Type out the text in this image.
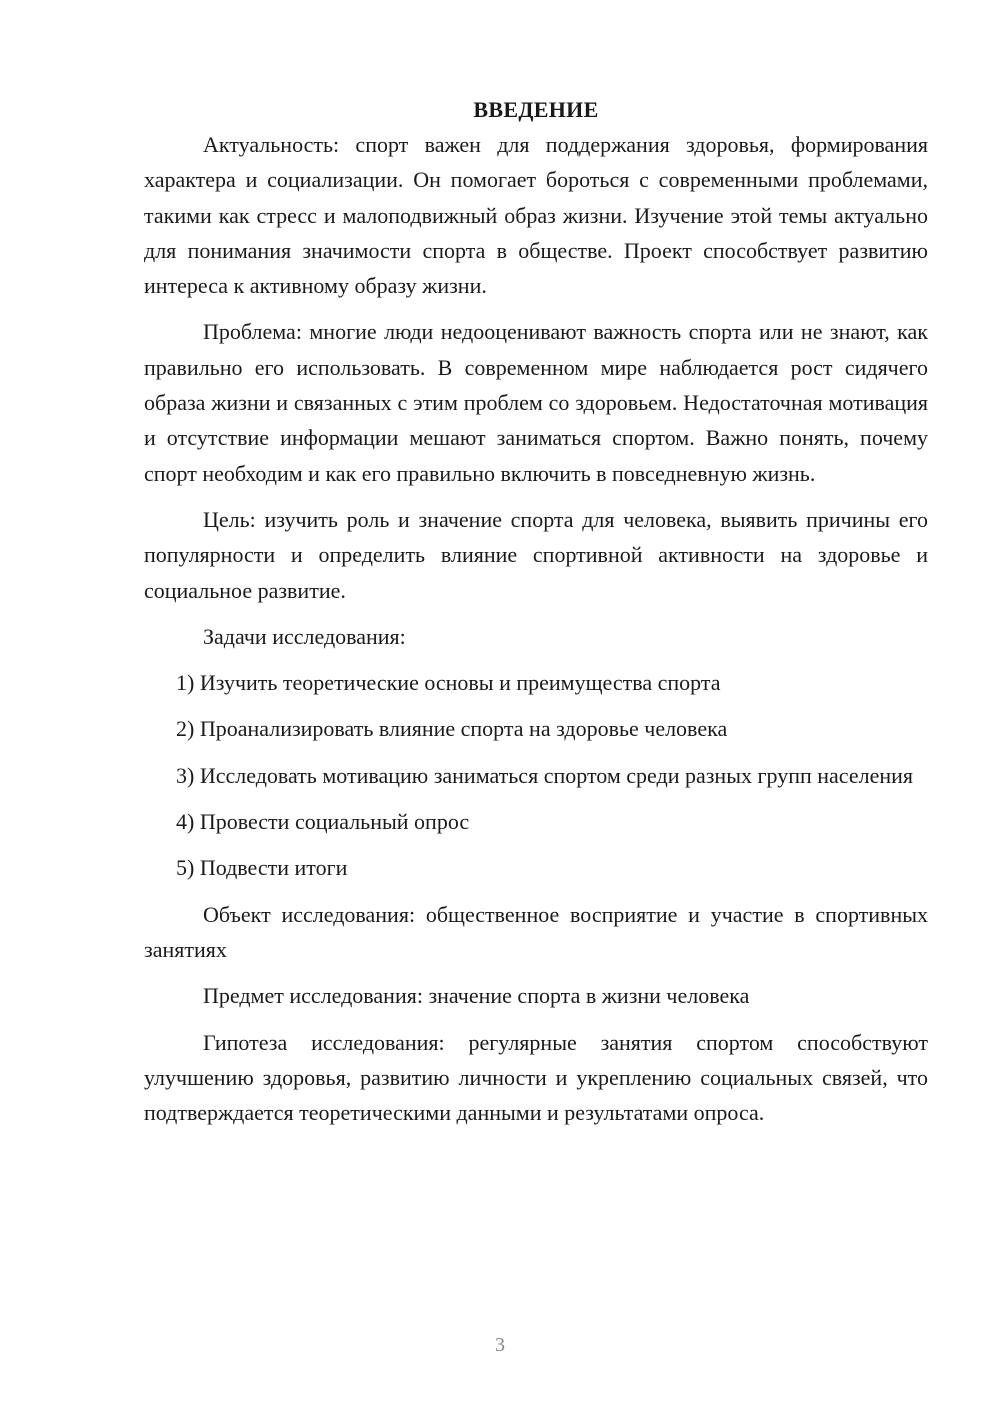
ВВЕДЕНИЕ

Актуальность: спорт важен для поддержания здоровья, формирования характера и социализации. Он помогает бороться с современными проблемами, такими как стресс и малоподвижный образ жизни. Изучение этой темы актуально для понимания значимости спорта в обществе. Проект способствует развитию интереса к активному образу жизни.

Проблема: многие люди недооценивают важность спорта или не знают, как правильно его использовать. В современном мире наблюдается рост сидячего образа жизни и связанных с этим проблем со здоровьем. Недостаточная мотивация и отсутствие информации мешают заниматься спортом. Важно понять, почему спорт необходим и как его правильно включить в повседневную жизнь.

Цель: изучить роль и значение спорта для человека, выявить причины его популярности и определить влияние спортивной активности на здоровье и социальное развитие.

Задачи исследования:

1) Изучить теоретические основы и преимущества спорта

2) Проанализировать влияние спорта на здоровье человека

3) Исследовать мотивацию заниматься спортом среди разных групп населения

4) Провести социальный опрос

5) Подвести итоги

Объект исследования: общественное восприятие и участие в спортивных занятиях

Предмет исследования: значение спорта в жизни человека

Гипотеза исследования: регулярные занятия спортом способствуют улучшению здоровья, развитию личности и укреплению социальных связей, что подтверждается теоретическими данными и результатами опроса.

3
